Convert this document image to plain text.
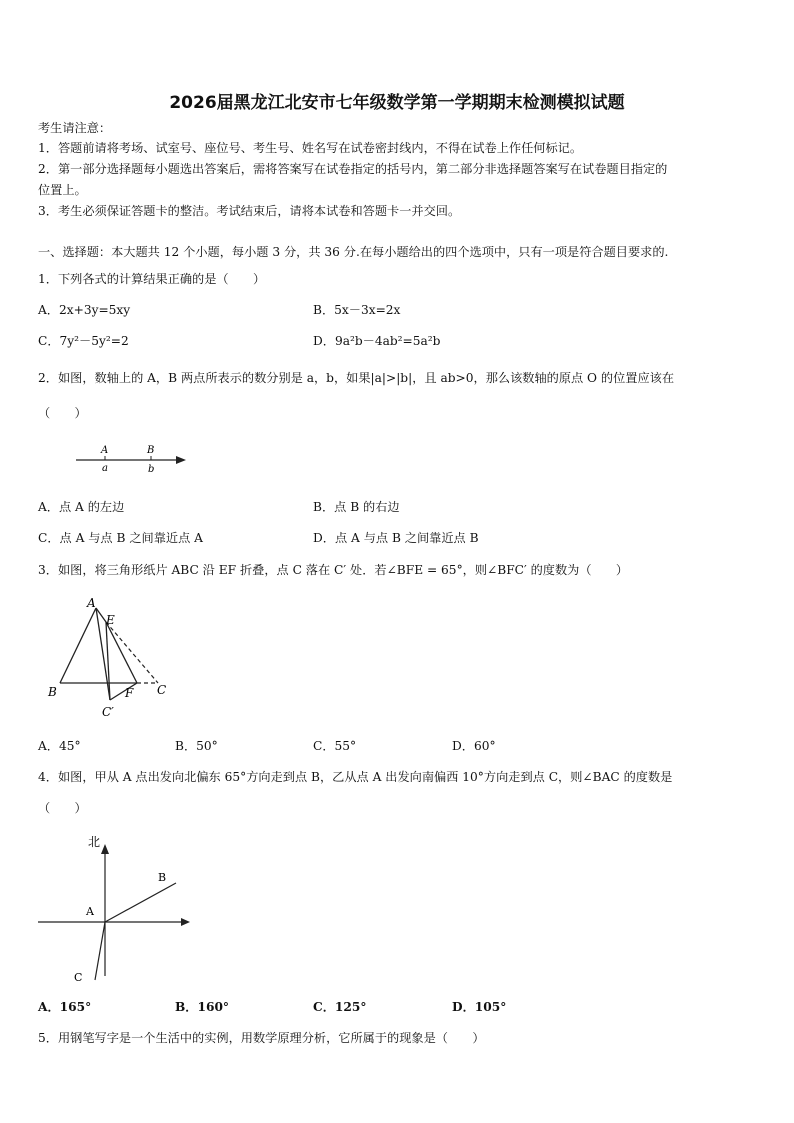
2026届黑龙江北安市七年级数学第一学期期末检测模拟试题
考生请注意：
1．答题前请将考场、试室号、座位号、考生号、姓名写在试卷密封线内，不得在试卷上作任何标记。
2．第一部分选择题每小题选出答案后，需将答案写在试卷指定的括号内，第二部分非选择题答案写在试卷题目指定的
位置上。
3．考生必须保证答题卡的整洁。考试结束后，请将本试卷和答题卡一并交回。
一、选择题：本大题共 12 个小题，每小题 3 分，共 36 分.在每小题给出的四个选项中，只有一项是符合题目要求的.
1．下列各式的计算结果正确的是（　　）
A．2x+3y=5xy	B．5x－3x=2x
C．7y²－5y²=2	D．9a²b－4ab²=5a²b
2．如图，数轴上的 A，B 两点所表示的数分别是 a，b，如果|a|>|b|，且 ab>0，那么该数轴的原点 O 的位置应该在
（　　）
A
a
B
b
A．点 A 的左边	B．点 B 的右边
C．点 A 与点 B 之间靠近点 A	D．点 A 与点 B 之间靠近点 B
3．如图，将三角形纸片 ABC 沿 EF 折叠，点 C 落在 C′ 处．若∠BFE = 65°，则∠BFC′ 的度数为（　　）
A
E
B	F C
C′
A．45°	B．50°	C．55°	D．60°
4．如图，甲从 A 点出发向北偏东 65°方向走到点 B，乙从点 A 出发向南偏西 10°方向走到点 C，则∠BAC 的度数是
（　　）
北
A
B
C
A．165°	B．160°	C．125°	D．105°
5．用钢笔写字是一个生活中的实例，用数学原理分析，它所属于的现象是（　　）
